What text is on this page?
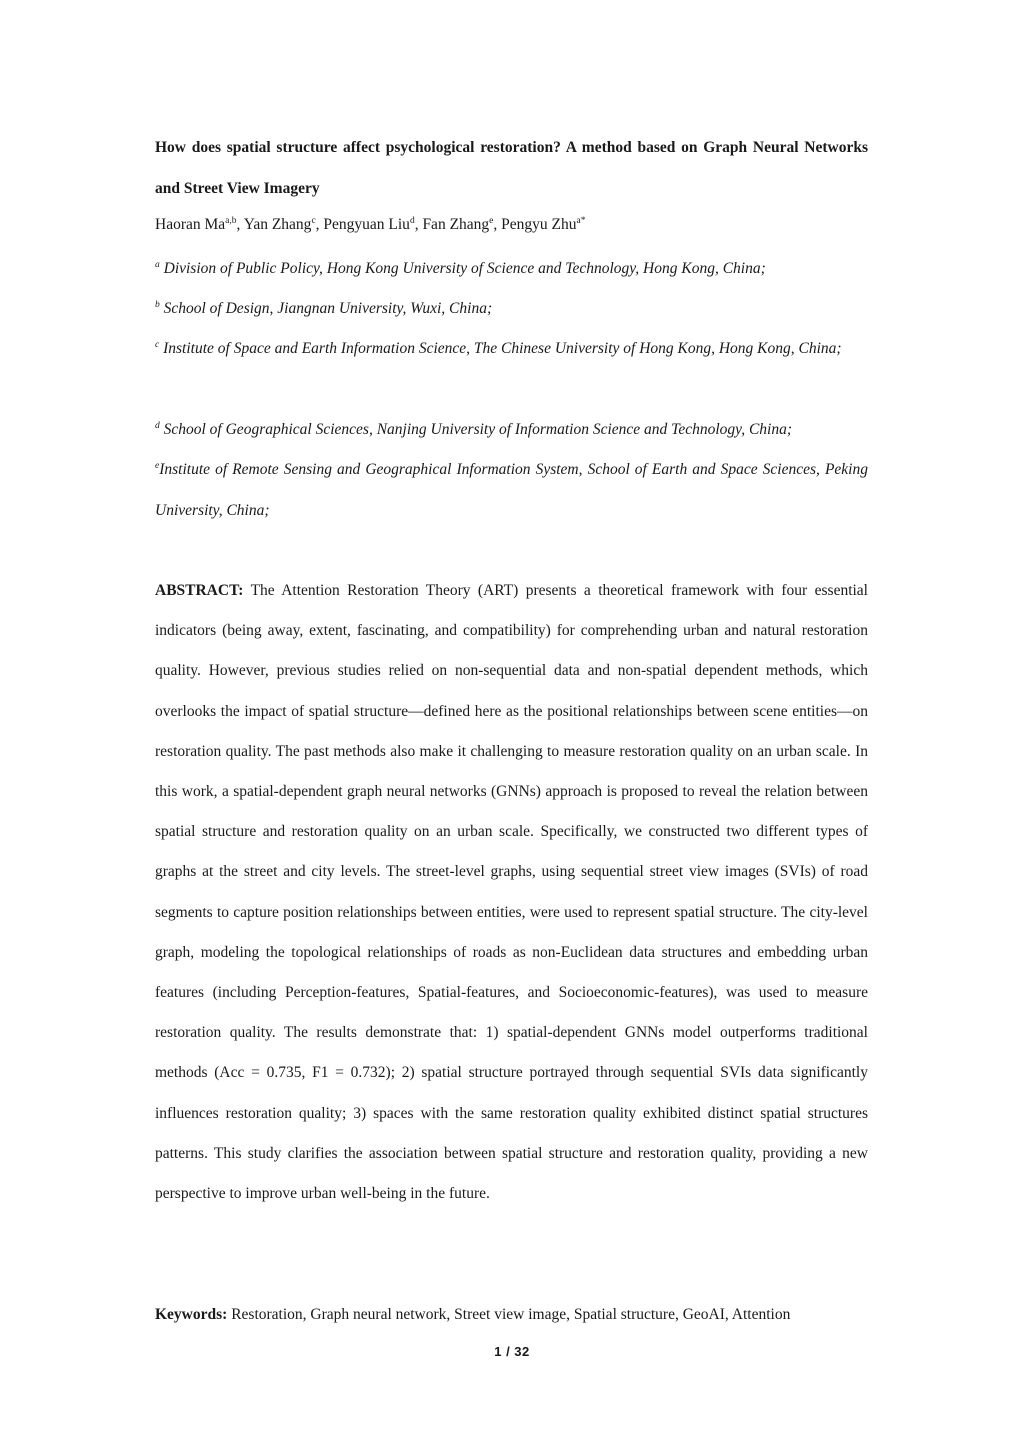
How does spatial structure affect psychological restoration? A method based on Graph Neural Networks and Street View Imagery
Haoran Ma$^{a,b}$, Yan Zhang$^c$, Pengyuan Liu$^d$, Fan Zhang$^e$, Pengyu Zhu$^{a*}$
$^a$ Division of Public Policy, Hong Kong University of Science and Technology, Hong Kong, China;
$^b$ School of Design, Jiangnan University, Wuxi, China;
$^c$ Institute of Space and Earth Information Science, The Chinese University of Hong Kong, Hong Kong, China;
$^d$ School of Geographical Sciences, Nanjing University of Information Science and Technology, China;
$^e$Institute of Remote Sensing and Geographical Information System, School of Earth and Space Sciences, Peking University, China;
ABSTRACT: The Attention Restoration Theory (ART) presents a theoretical framework with four essential indicators (being away, extent, fascinating, and compatibility) for comprehending urban and natural restoration quality. However, previous studies relied on non-sequential data and non-spatial dependent methods, which overlooks the impact of spatial structure—defined here as the positional relationships between scene entities—on restoration quality. The past methods also make it challenging to measure restoration quality on an urban scale. In this work, a spatial-dependent graph neural networks (GNNs) approach is proposed to reveal the relation between spatial structure and restoration quality on an urban scale. Specifically, we constructed two different types of graphs at the street and city levels. The street-level graphs, using sequential street view images (SVIs) of road segments to capture position relationships between entities, were used to represent spatial structure. The city-level graph, modeling the topological relationships of roads as non-Euclidean data structures and embedding urban features (including Perception-features, Spatial-features, and Socioeconomic-features), was used to measure restoration quality. The results demonstrate that: 1) spatial-dependent GNNs model outperforms traditional methods (Acc = 0.735, F1 = 0.732); 2) spatial structure portrayed through sequential SVIs data significantly influences restoration quality; 3) spaces with the same restoration quality exhibited distinct spatial structures patterns. This study clarifies the association between spatial structure and restoration quality, providing a new perspective to improve urban well-being in the future.
Keywords: Restoration, Graph neural network, Street view image, Spatial structure, GeoAI, Attention
1 / 32
